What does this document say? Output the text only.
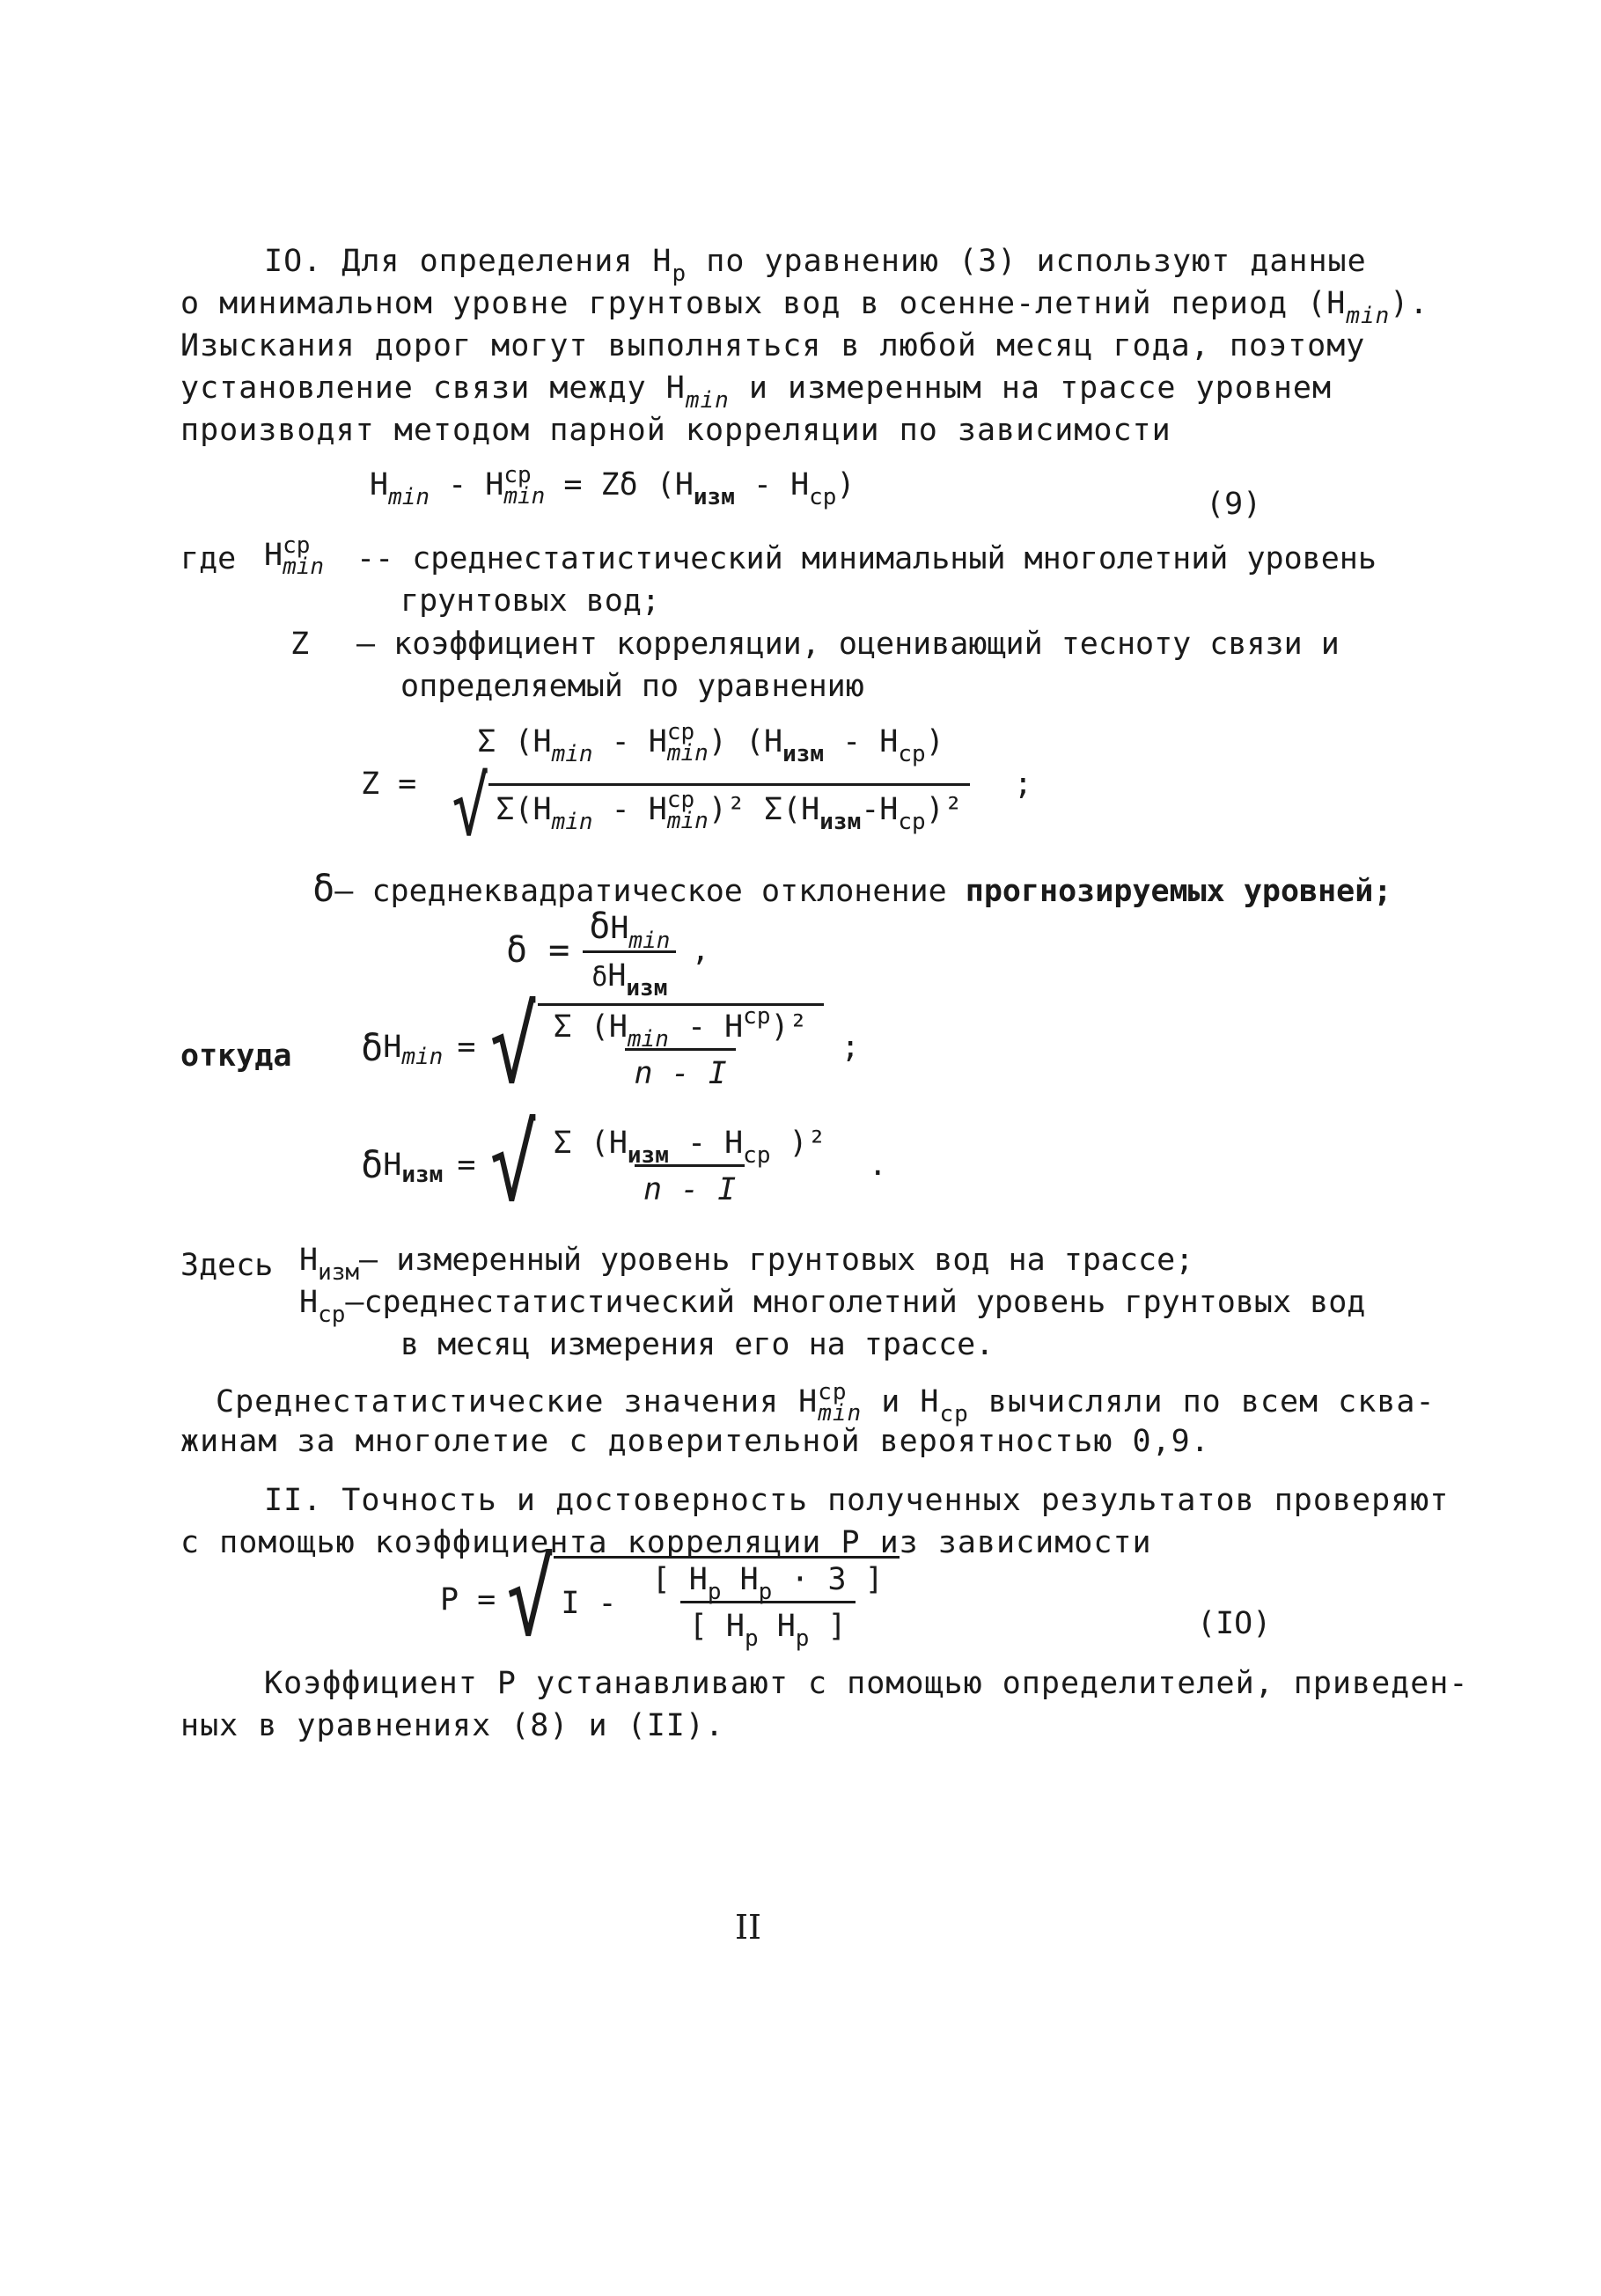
IO. Для определения $Н_р$ по уравнению (3) используют данные
о минимальном уровне грунтовых вод в осенне-летний период $(Н_{min})$.
Изыскания дорог могут выполняться в любой месяц года, поэтому
установление связи между $Н_{min}$ и измеренным на трассе уровнем
производят методом парной корреляции по зависимости
$Н_{min}$ - Н ср
min = Zδ $(Н_{изм} - Н_{ср})$
(9)
где Н ср
min -- среднестатистический минимальный многолетний уровень
грунтовых вод;
Z — коэффициент корреляции, оценивающий тесноту связи и
определяемый по уравнению
Z =
Σ ($Н_{min}$ - Н ср
min ) $(Н_{изм} - Н_{ср})$
√ $\Sigma(Н_{min}$ - Н ср
min )² $\Sigma(Н_{изм}-Н_{ср})^2$
;
δ— среднеквадратическое отклонение прогнозируемых уровней;
$\delta = \frac{\delta Н_{min}}{\delta Н_{изм}}$ ,
откуда δ Н min = √ $\frac{\Sigma (Н_{min} - Н^{ср})^2}{n - I}$ ;
δ Н изм = √ $\frac{\Sigma (Н_{изм} - Н_{ср} )^2}{n - I}$ .
Здесь $Н_{изм}—$ измеренный уровень грунтовых вод на трассе;
$Н_{ср}—среднестатистический$ многолетний уровень грунтовых вод
в месяц измерения его на трассе.
Среднестатистические значения Н ср
min и $Н_{ср}$ вычисляли по всем сква-
жинам за многолетие с доверительной вероятностью 0,9.
II. Точность и достоверность полученных результатов проверяют
с помощью коэффициента корреляции Р из зависимости
Р = √ I - $\frac{[ Н_р Н_р \cdot 3 ]}{[ Н_р Н_р ]}$	(IO)
Коэффициент Р устанавливают с помощью определителей, приведен-
ных в уравнениях (8) и (II).
II
